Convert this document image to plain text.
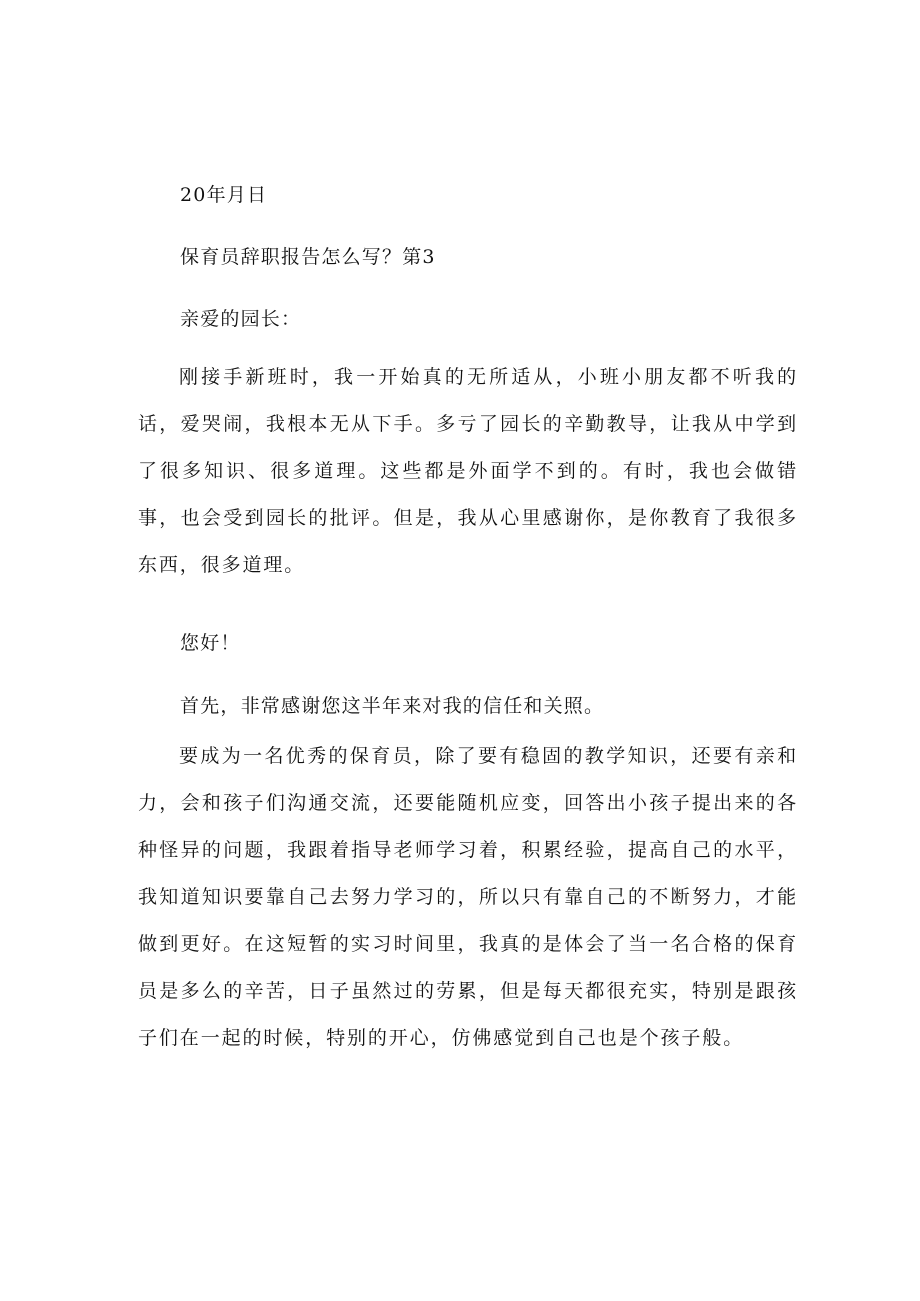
20年月日
保育员辞职报告怎么写？第3
亲爱的园长：
刚接手新班时，我一开始真的无所适从，小班小朋友都不听我的话，爱哭闹，我根本无从下手。多亏了园长的辛勤教导，让我从中学到了很多知识、很多道理。这些都是外面学不到的。有时，我也会做错事，也会受到园长的批评。但是，我从心里感谢你，是你教育了我很多东西，很多道理。
您好！
首先，非常感谢您这半年来对我的信任和关照。
要成为一名优秀的保育员，除了要有稳固的教学知识，还要有亲和力，会和孩子们沟通交流，还要能随机应变，回答出小孩子提出来的各种怪异的问题，我跟着指导老师学习着，积累经验，提高自己的水平，我知道知识要靠自己去努力学习的，所以只有靠自己的不断努力，才能做到更好。在这短暂的实习时间里，我真的是体会了当一名合格的保育员是多么的辛苦，日子虽然过的劳累，但是每天都很充实，特别是跟孩子们在一起的时候，特别的开心，仿佛感觉到自己也是个孩子般。
